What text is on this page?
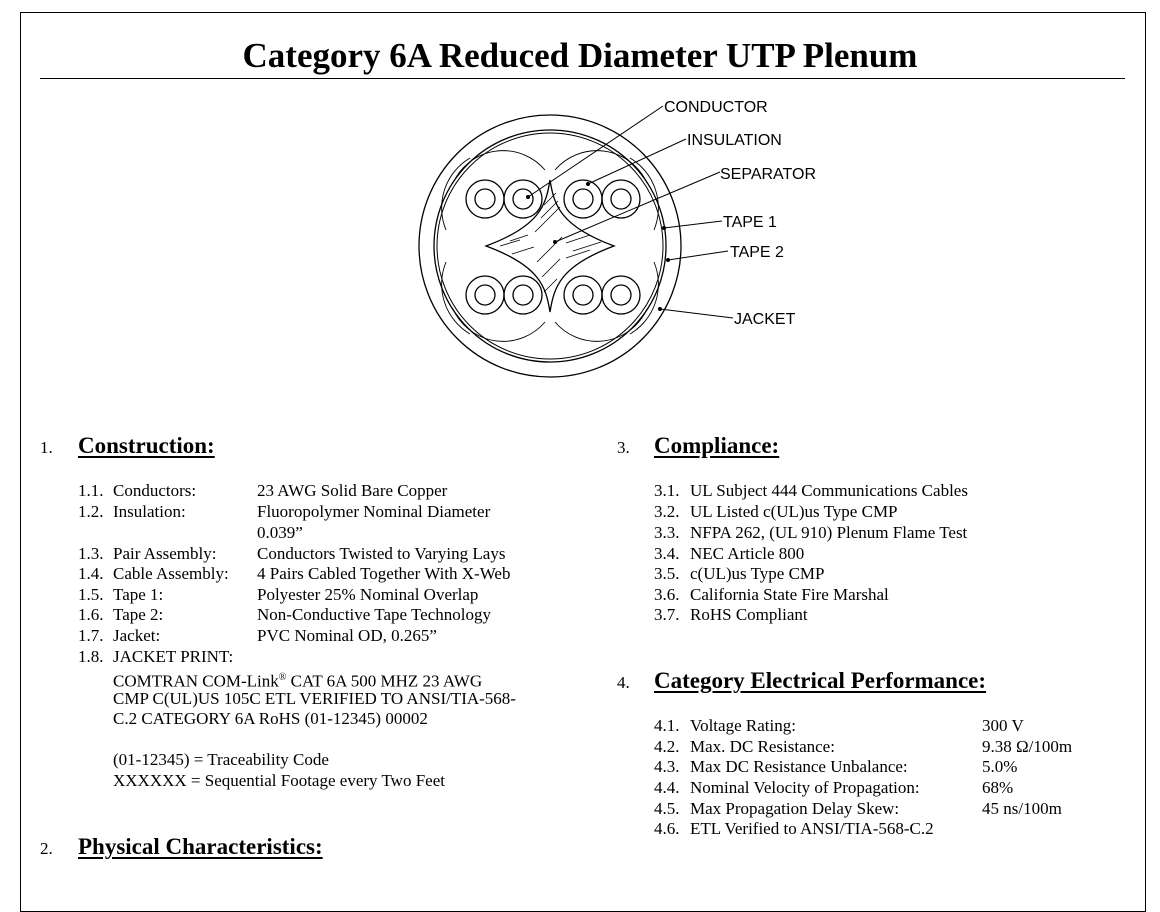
Category 6A Reduced Diameter UTP Plenum
CONDUCTOR
INSULATION
SEPARATOR
TAPE 1
TAPE 2
JACKET
1. Construction:
1.1. Conductors:	23 AWG Solid Bare Copper
1.2. Insulation:	Fluoropolymer Nominal Diameter
0.039”
1.3. Pair Assembly: Conductors Twisted to Varying Lays
1.4. Cable Assembly: 4 Pairs Cabled Together With X-Web
1.5. Tape 1:	Polyester 25% Nominal Overlap
1.6. Tape 2:	Non-Conductive Tape Technology
1.7. Jacket:	PVC Nominal OD, 0.265”
1.8. JACKET PRINT:
COMTRAN COM-Link® CAT 6A 500 MHZ 23 AWG
CMP C(UL)US 105C ETL VERIFIED TO ANSI/TIA-568-
C.2 CATEGORY 6A RoHS (01-12345) 00002
(01-12345) = Traceability Code
XXXXXX = Sequential Footage every Two Feet
2. Physical Characteristics:
3. Compliance:
3.1. UL Subject 444 Communications Cables
3.2. UL Listed c(UL)us Type CMP
3.3. NFPA 262, (UL 910) Plenum Flame Test
3.4. NEC Article 800
3.5. c(UL)us Type CMP
3.6. California State Fire Marshal
3.7. RoHS Compliant
4. Category Electrical Performance:
4.1. Voltage Rating:	300 V
4.2. Max. DC Resistance:	9.38 Ω/100m
4.3. Max DC Resistance Unbalance:	5.0%
4.4. Nominal Velocity of Propagation:	68%
4.5. Max Propagation Delay Skew:	45 ns/100m
4.6. ETL Verified to ANSI/TIA-568-C.2
